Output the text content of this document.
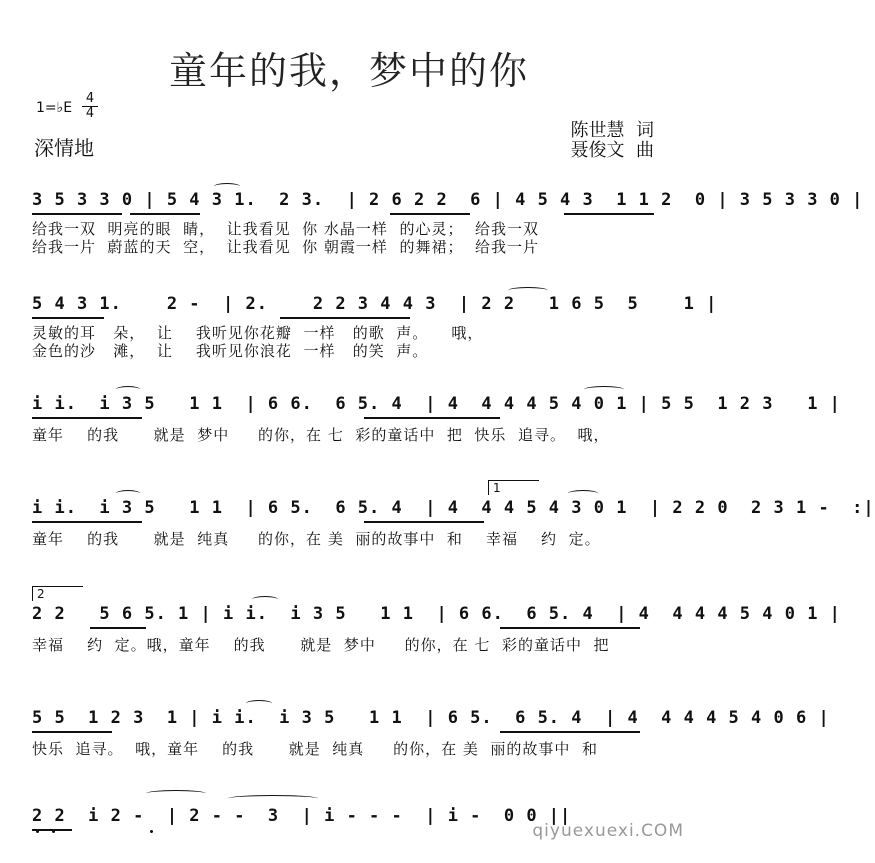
童年的我，梦中的你
1=♭E
4
4
深情地
陈世慧  词
聂俊文  曲
3 5 3 3 0 | 5 4 3 1.  2 3.  | 2 6 2 2  6 | 4 5 4 3  1 1 2  0 | 3 5 3 3 0 |
给我一双  明亮的眼  睛，  让我看见  你 水晶一样  的心灵；  给我一双
给我一片  蔚蓝的天  空，  让我看见  你 朝霞一样  的舞裙；  给我一片
5 4 3 1.    2 -  | 2.    2 2 3 4 4 3  | 2 2   1 6 5  5    1 |
灵敏的耳   朵，  让    我听见你花瓣  一样   的歌  声。    哦，
金色的沙   滩，  让    我听见你浪花  一样   的笑  声。
i i.  i 3 5   1 1  | 6 6.  6 5. 4  | 4  4 4 4 5 4 0 1 | 5 5  1 2 3   1 |
童年    的我      就是  梦中     的你，在 七  彩的童话中  把  快乐  追寻。  哦，
1
i i.  i 3 5   1 1  | 6 5.  6 5. 4  | 4  4 4 5 4 3 0 1  | 2 2 0  2 3 1 -  :|
童年    的我      就是  纯真     的你，在 美  丽的故事中  和    幸福    约  定。
2
2 2   5 6 5. 1 | i i.  i 3 5   1 1  | 6 6.  6 5. 4  | 4  4 4 4 5 4 0 1 |
幸福    约  定。哦，童年    的我      就是  梦中     的你，在 七  彩的童话中  把
5 5  1 2 3  1 | i i.  i 3 5   1 1  | 6 5.  6 5. 4  | 4  4 4 4 5 4 0 6 |
快乐  追寻。  哦，童年    的我      就是  纯真     的你，在 美  丽的故事中  和
2 2  i 2 -  | 2 - -  3  | i - - -  | i -  0 0 ||
qiyuexuexi.COM
